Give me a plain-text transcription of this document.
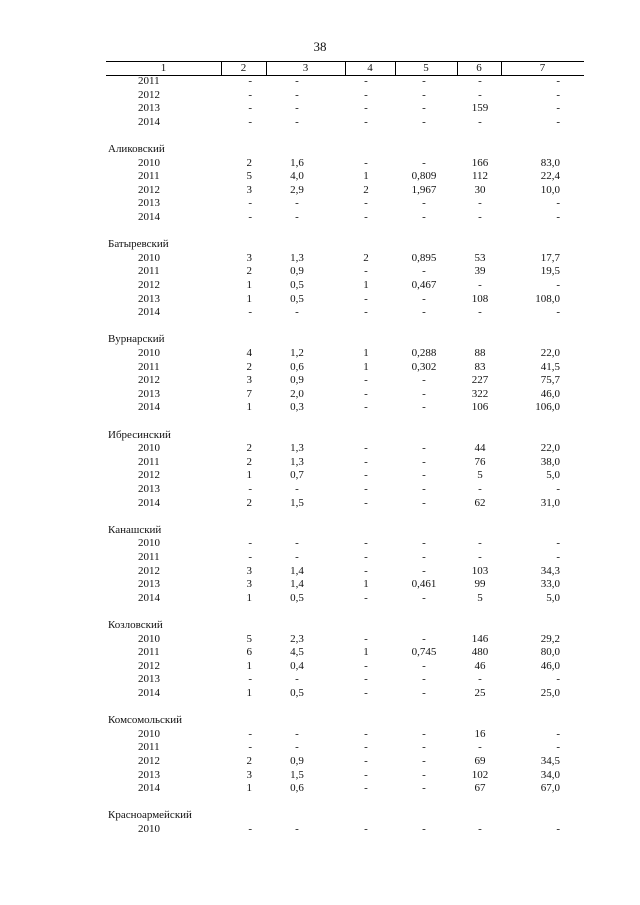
38
1	2	3	4	5	6	7
2011	-	-	-	-	-	-
2012	-	-	-	-	-	-
2013	-	-	-	-	159	-
2014	-	-	-	-	-	-
Аликовский
2010	2	1,6	-	-	166	83,0
2011	5	4,0	1	0,809	112	22,4
2012	3	2,9	2	1,967	30	10,0
2013	-	-	-	-	-	-
2014	-	-	-	-	-	-
Батыревский
2010	3	1,3	2	0,895	53	17,7
2011	2	0,9	-	-	39	19,5
2012	1	0,5	1	0,467	-	-
2013	1	0,5	-	-	108	108,0
2014	-	-	-	-	-	-
Вурнарский
2010	4	1,2	1	0,288	88	22,0
2011	2	0,6	1	0,302	83	41,5
2012	3	0,9	-	-	227	75,7
2013	7	2,0	-	-	322	46,0
2014	1	0,3	-	-	106	106,0
Ибресинский
2010	2	1,3	-	-	44	22,0
2011	2	1,3	-	-	76	38,0
2012	1	0,7	-	-	5	5,0
2013	-	-	-	-	-	-
2014	2	1,5	-	-	62	31,0
Канашский
2010	-	-	-	-	-	-
2011	-	-	-	-	-	-
2012	3	1,4	-	-	103	34,3
2013	3	1,4	1	0,461	99	33,0
2014	1	0,5	-	-	5	5,0
Козловский
2010	5	2,3	-	-	146	29,2
2011	6	4,5	1	0,745	480	80,0
2012	1	0,4	-	-	46	46,0
2013	-	-	-	-	-	-
2014	1	0,5	-	-	25	25,0
Комсомольский
2010	-	-	-	-	16	-
2011	-	-	-	-	-	-
2012	2	0,9	-	-	69	34,5
2013	3	1,5	-	-	102	34,0
2014	1	0,6	-	-	67	67,0
Красноармейский
2010	-	-	-	-	-	-
